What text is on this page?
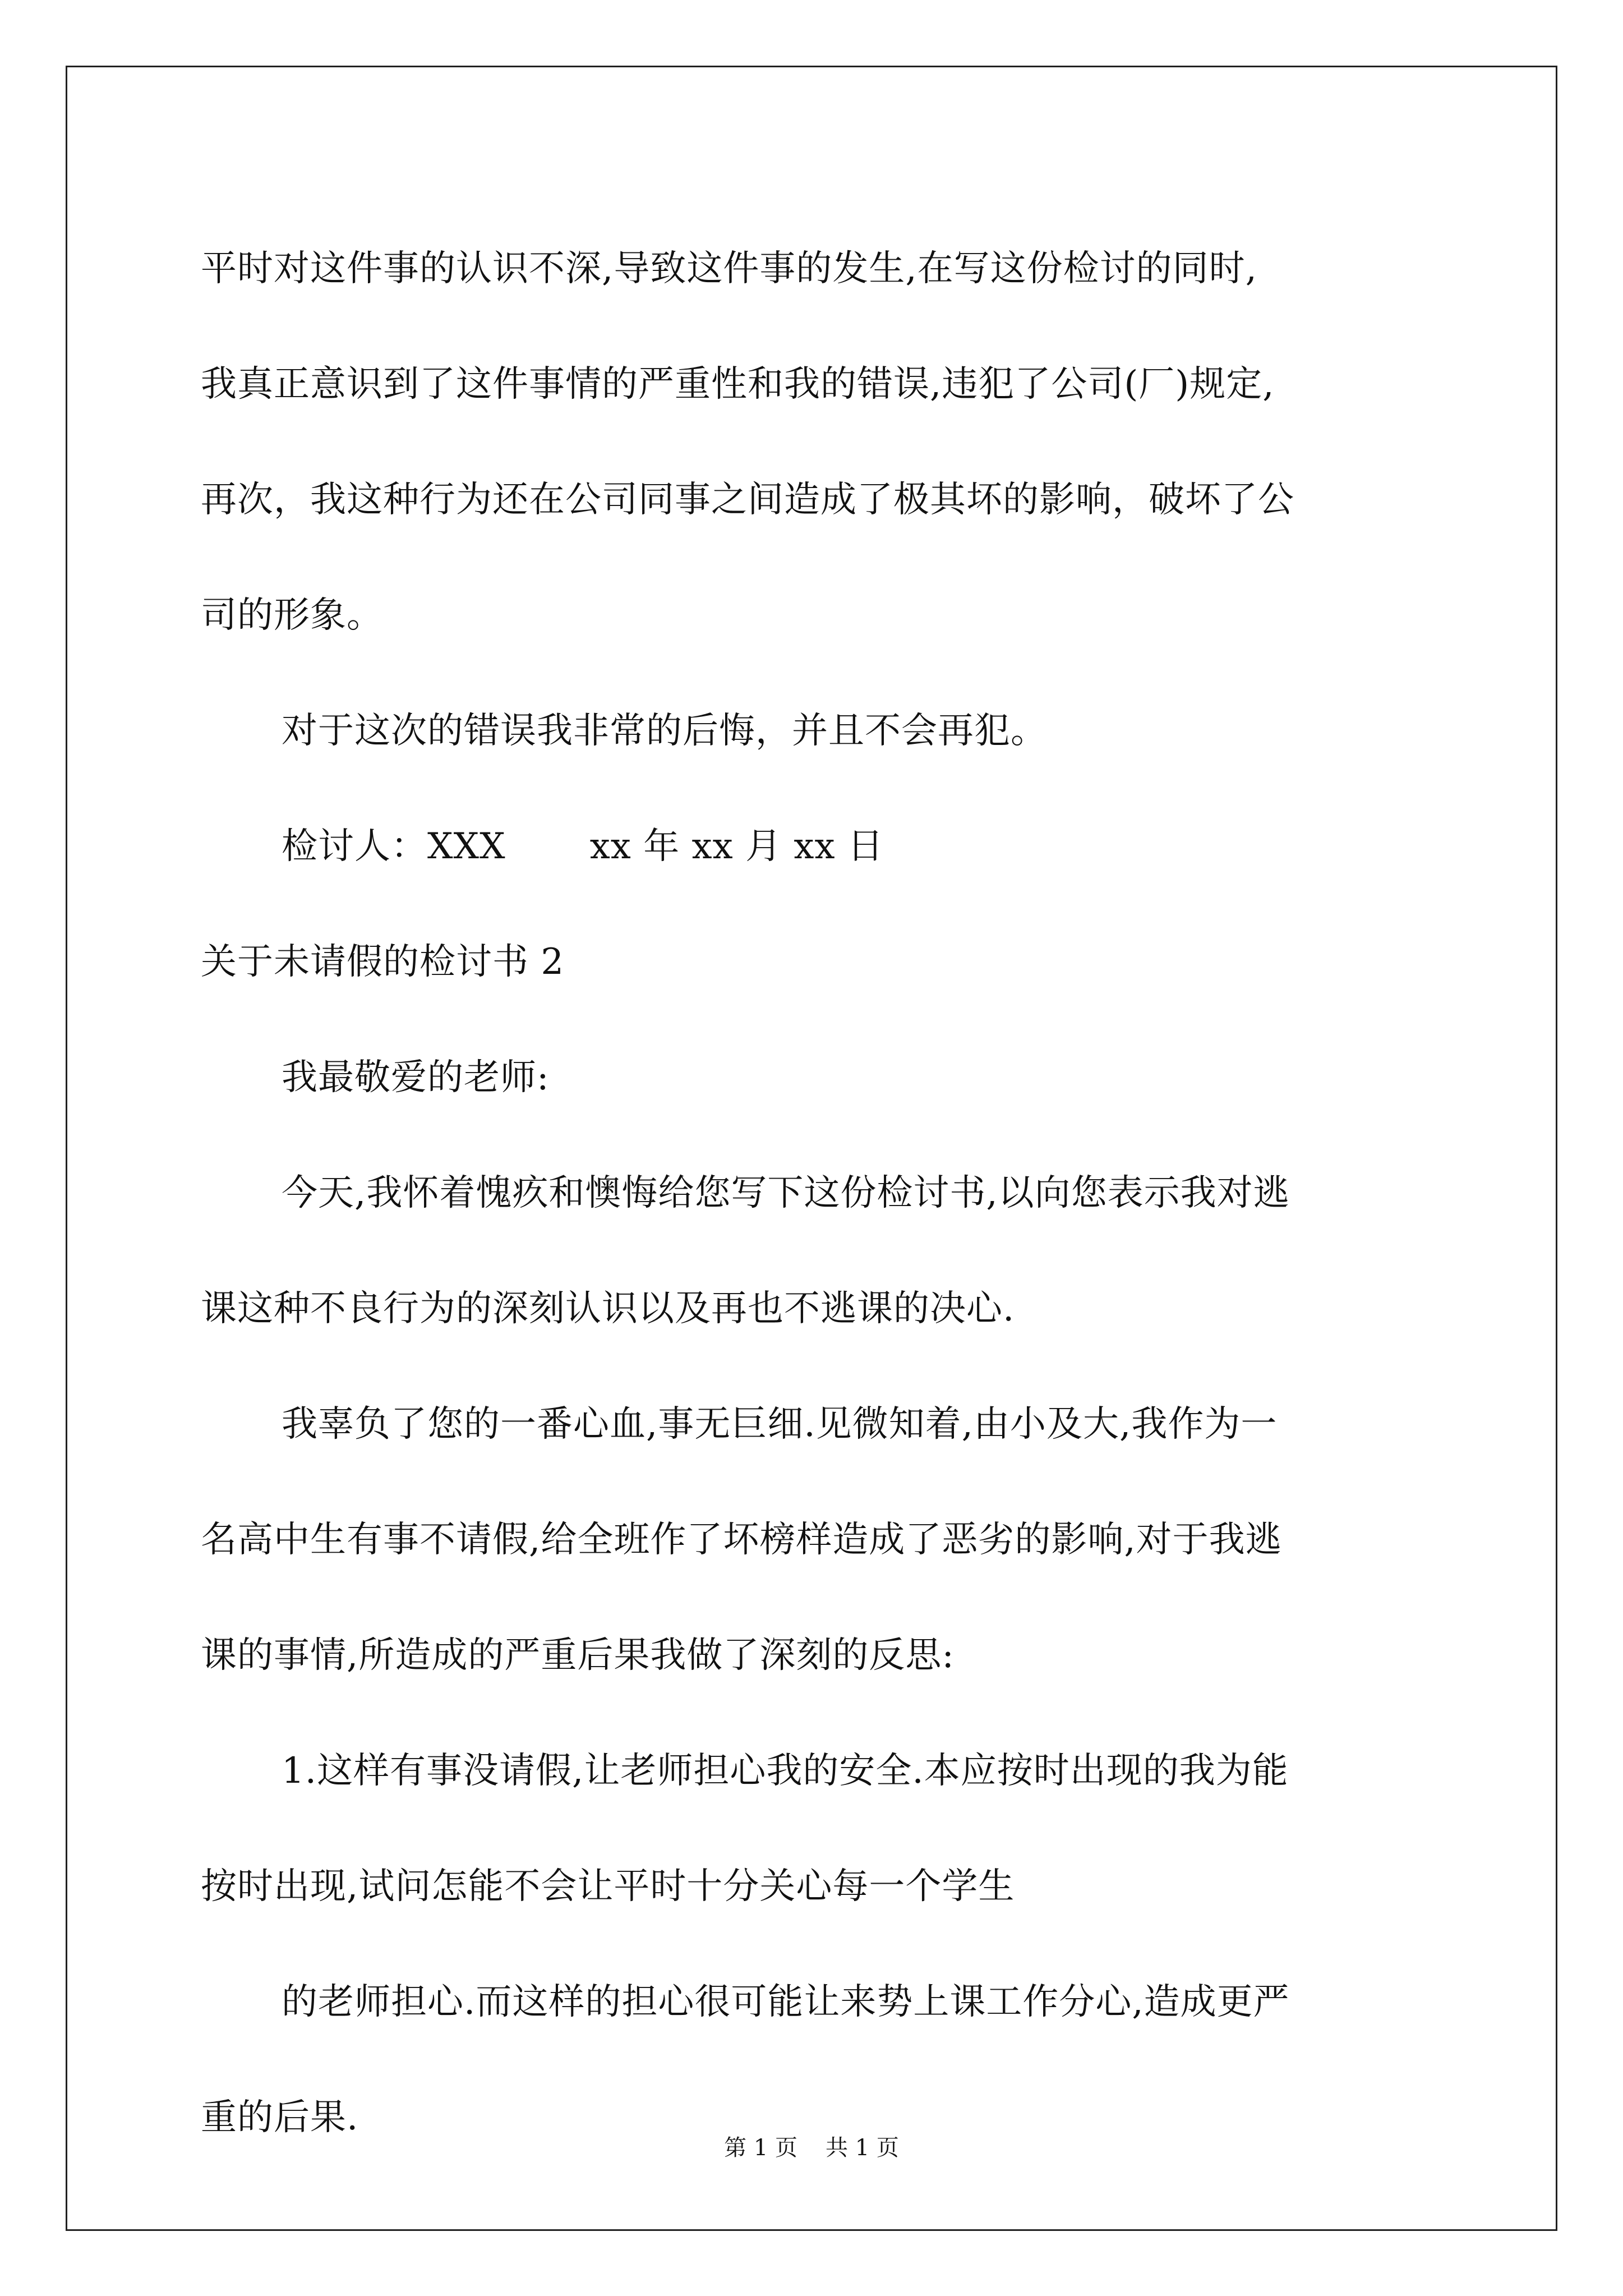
平时对这件事的认识不深,导致这件事的发生,在写这份检讨的同时,
我真正意识到了这件事情的严重性和我的错误,违犯了公司(厂)规定,
再次，我这种行为还在公司同事之间造成了极其坏的影响，破坏了公
司的形象。

对于这次的错误我非常的后悔，并且不会再犯。

检讨人：XXX xx 年 xx 月 xx 日

关于未请假的检讨书 2

我最敬爱的老师:

今天,我怀着愧疚和懊悔给您写下这份检讨书,以向您表示我对逃
课这种不良行为的深刻认识以及再也不逃课的决心.

我辜负了您的一番心血,事无巨细.见微知着,由小及大,我作为一
名高中生有事不请假,给全班作了坏榜样造成了恶劣的影响,对于我逃
课的事情,所造成的严重后果我做了深刻的反思:

1.这样有事没请假,让老师担心我的安全.本应按时出现的我为能
按时出现,试问怎能不会让平时十分关心每一个学生

的老师担心.而这样的担心很可能让来势上课工作分心,造成更严
重的后果.

第 1 页 共 1 页
